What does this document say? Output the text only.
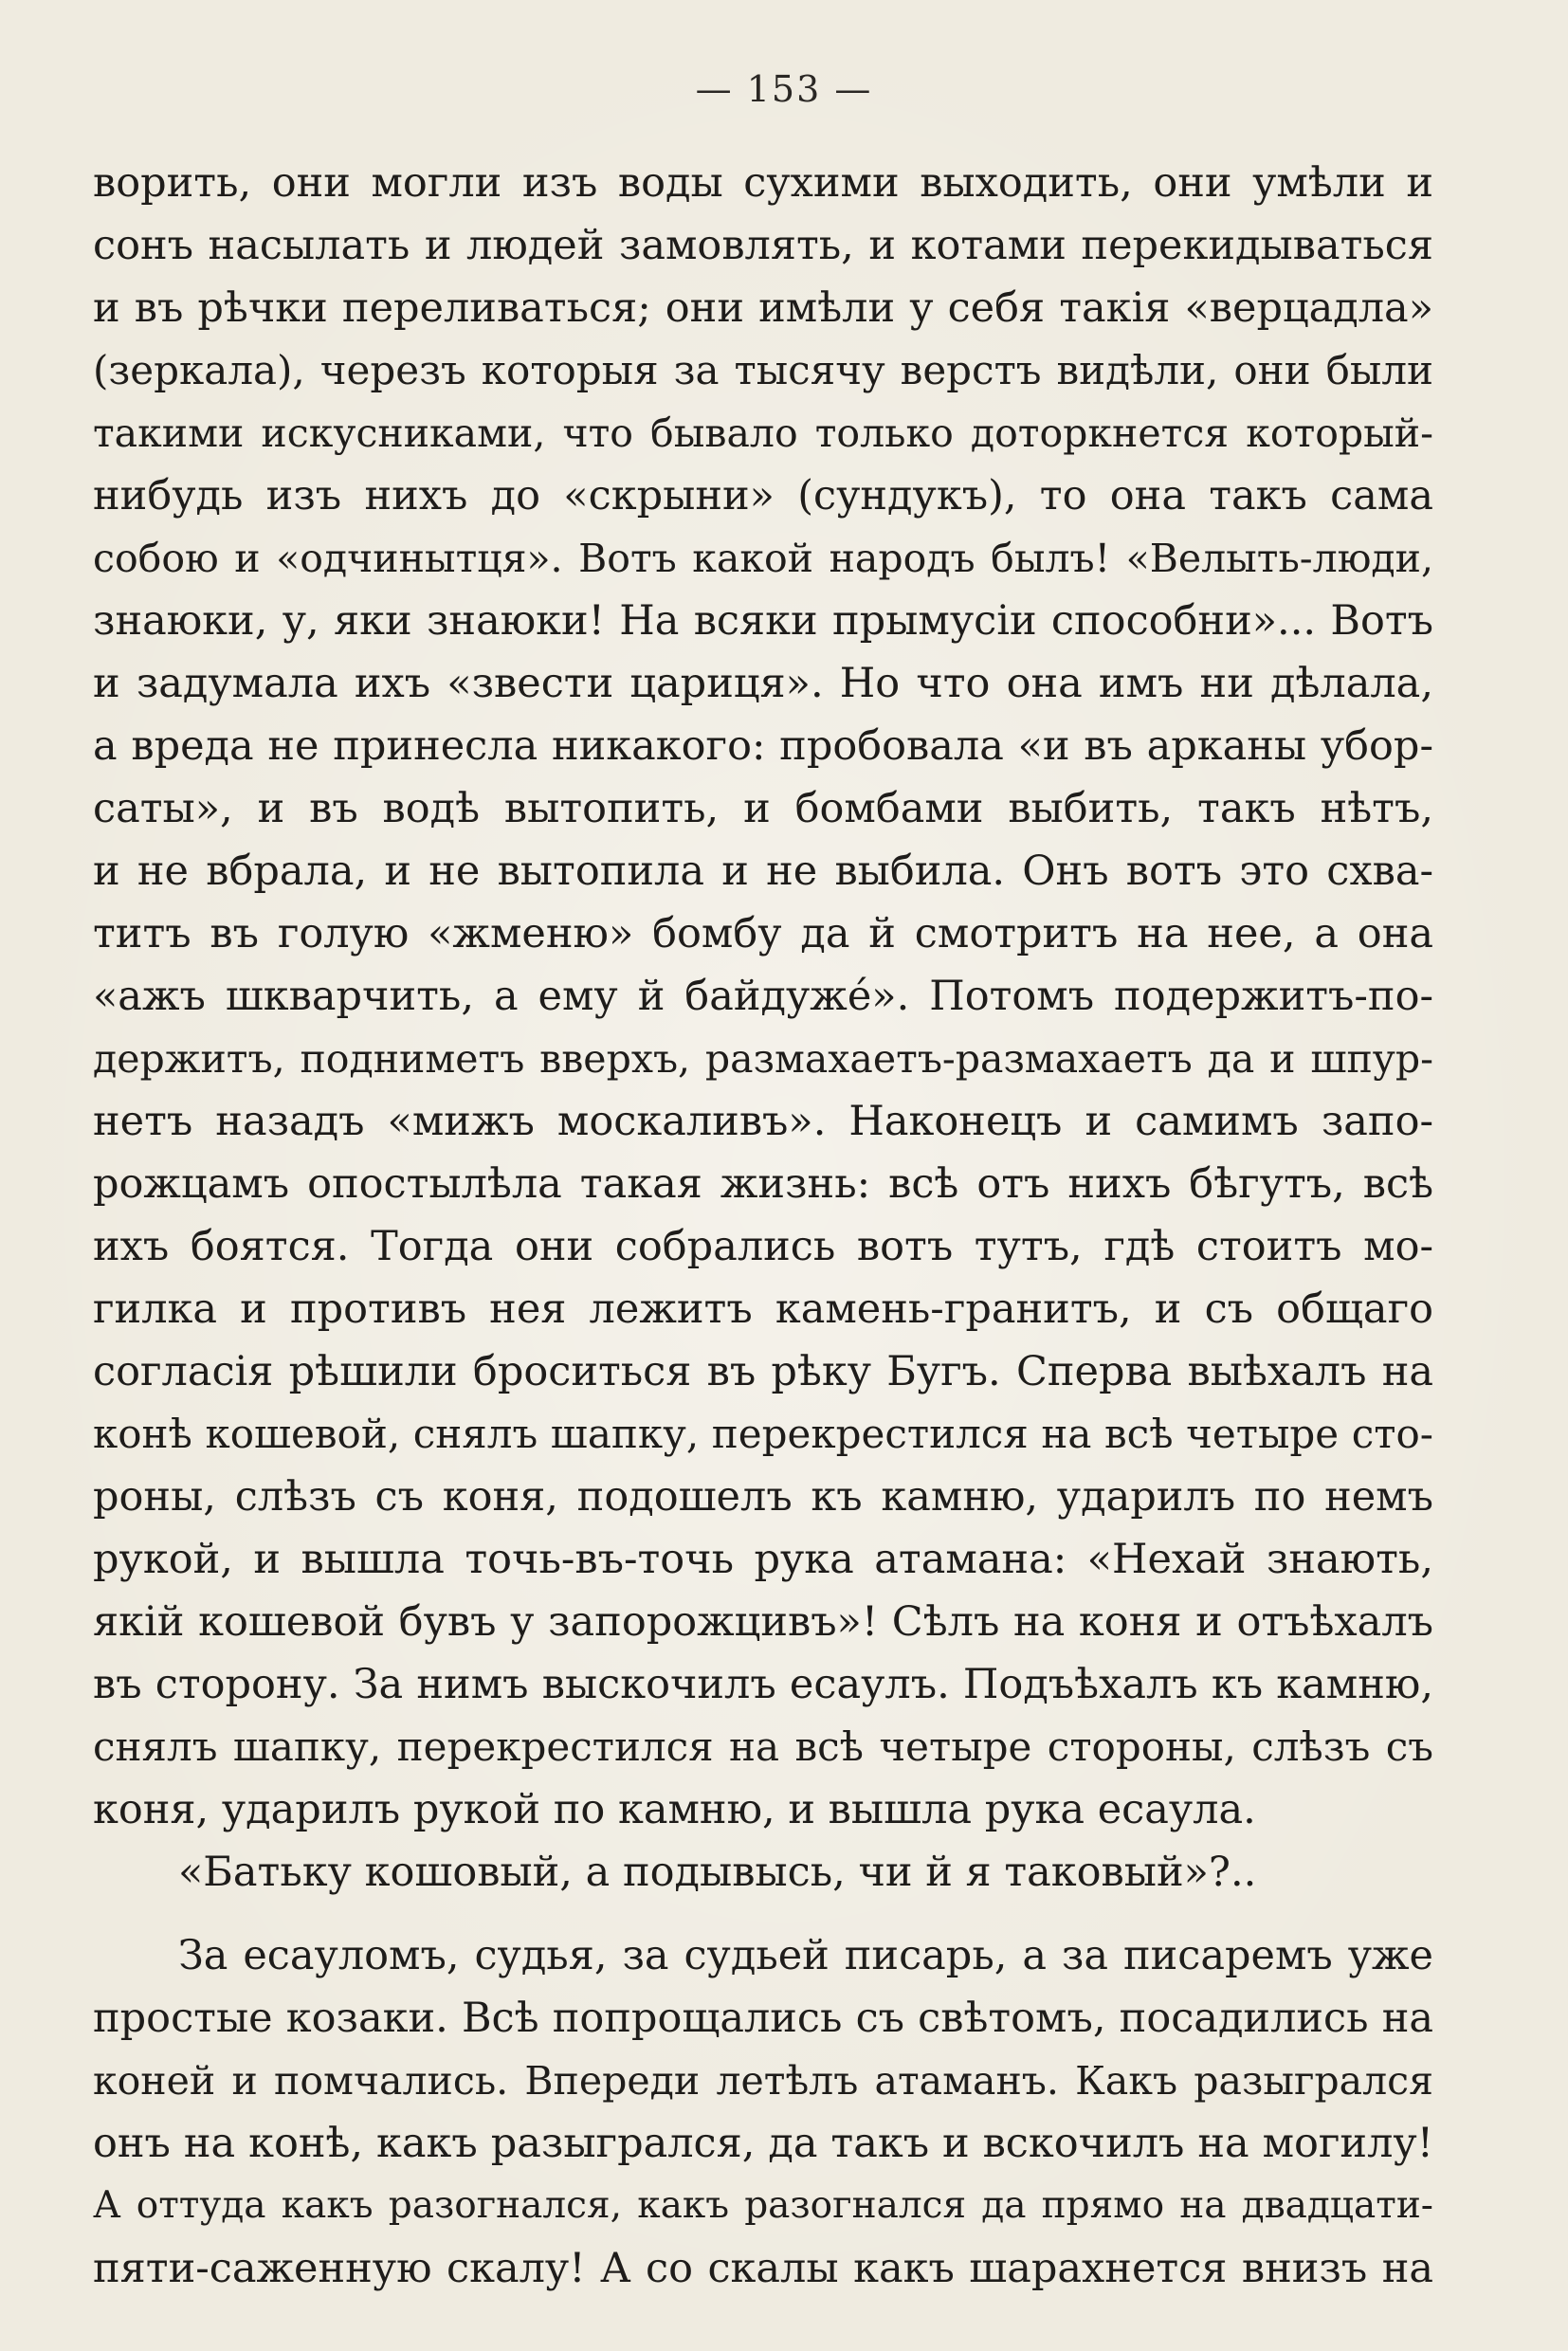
— 153 —
ворить, они могли изъ воды сухими выходить, они умѣли и
сонъ насылать и людей замовлять, и котами перекидываться
и въ рѣчки переливаться; они имѣли у себя такія «верцадла»
(зеркала), черезъ которыя за тысячу верстъ видѣли, они были
такими искусниками, что бывало только доторкнется который-
нибудь изъ нихъ до «скрыни» (сундукъ), то она такъ сама
собою и «одчинытця». Вотъ какой народъ былъ! «Велыть-люди,
знаюки, у, яки знаюки! На всяки прымусіи способни»... Вотъ
и задумала ихъ «звести цариця». Но что она имъ ни дѣлала,
а вреда не принесла никакого: пробовала «и въ арканы убор-
саты», и въ водѣ вытопить, и бомбами выбить, такъ нѣтъ,
и не вбрала, и не вытопила и не выбила. Онъ вотъ это схва-
титъ въ голую «жменю» бомбу да й смотритъ на нее, а она
«ажъ шкварчить, а ему й байдужé». Потомъ подержитъ-по-
держитъ, подниметъ вверхъ, размахаетъ-размахаетъ да и шпур-
нетъ назадъ «мижъ москаливъ». Наконецъ и самимъ запо-
рожцамъ опостылѣла такая жизнь: всѣ отъ нихъ бѣгутъ, всѣ
ихъ боятся. Тогда они собрались вотъ тутъ, гдѣ стоитъ мо-
гилка и противъ нея лежитъ камень-гранитъ, и съ общаго
согласія рѣшили броситься въ рѣку Бугъ. Сперва выѣхалъ на
конѣ кошевой, снялъ шапку, перекрестился на всѣ четыре сто-
роны, слѣзъ съ коня, подошелъ къ камню, ударилъ по немъ
рукой, и вышла точь-въ-точь рука атамана: «Нехай знають,
якій кошевой бувъ у запорожцивъ»! Сѣлъ на коня и отъѣхалъ
въ сторону. За нимъ выскочилъ есаулъ. Подъѣхалъ къ камню,
снялъ шапку, перекрестился на всѣ четыре стороны, слѣзъ съ
коня, ударилъ рукой по камню, и вышла рука есаула.
«Батьку кошовый, а подывысь, чи й я таковый»?..
За есауломъ, судья, за судьей писарь, а за писаремъ уже
простые козаки. Всѣ попрощались съ свѣтомъ, посадились на
коней и помчались. Впереди летѣлъ атаманъ. Какъ разыгрался
онъ на конѣ, какъ разыгрался, да такъ и вскочилъ на могилу!
А оттуда какъ разогнался, какъ разогнался да прямо на двадцати-
пяти-саженную скалу! А со скалы какъ шарахнется внизъ на
